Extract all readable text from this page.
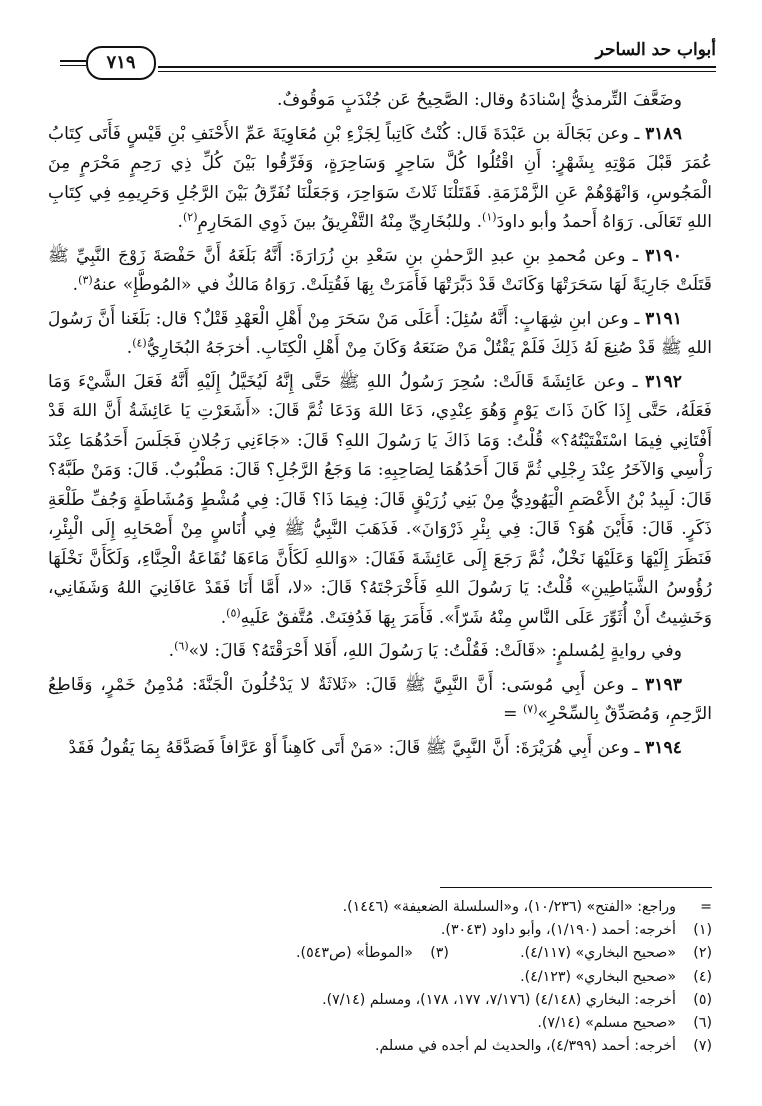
أبواب حد الساحر
٧١٩

وضَعَّفَ التِّرمذيُّ إسْنادَهُ وقال: الصَّحِيحُ عَن جُنْدَبٍ مَوقُوفٌ.

٣١٨٩ ـ وعن بَجَالَة بن عَبْدَةَ قَال: كُنْتُ كَاتِباً لِجَزْءِ بْنِ مُعَاوِيَةَ عَمِّ الأَحْنَفِ بْنِ قَيْسٍ فَأَتَى كِتَابُ عُمَرَ قَبْلَ مَوْتِهِ بِشَهْرٍ: أَنِ اقْتُلُوا كُلَّ سَاحِرٍ وَسَاحِرَةٍ، وَفَرِّقُوا بَيْنَ كُلِّ ذِي رَحِمٍ مَحْرَمٍ مِنَ الْمَجُوسِ، وَانْهَوْهُمْ عَنِ الزَّمْزَمَةِ. فَقَتَلْنَا ثَلاثَ سَوَاحِرَ، وَجَعَلْنَا نُفَرِّقُ بَيْنَ الرَّجُلِ وَحَرِيمِهِ فِي كِتَابِ اللهِ تَعَالَى. رَوَاهُ أَحمدُ وأبو داودَ$^{(١)}$. وللبُخَارِيِّ مِنْهُ التَّفْرِيقُ بينَ ذَوِي المَحَارِمِ$^{(٢)}$.

٣١٩٠ ـ وعن مُحمدِ بنِ عبدِ الرَّحمٰنِ بنِ سَعْدِ بنِ زُرَارَةَ: أَنَّهُ بَلَغَهُ أَنَّ حَفْصَةَ زَوْجَ النَّبِيِّ ﷺ قَتَلَتْ جَارِيَةً لَهَا سَحَرَتْهَا وَكَانَتْ قَدْ دَبَّرَتْهَا فَأَمَرَتْ بِهَا فَقُتِلَتْ. رَوَاهُ مَالكٌ في «المُوطَّإِ» عنهُ$^{(٣)}$.

٣١٩١ ـ وعن ابنِ شِهَابٍ: أَنَّهُ سُئِلَ: أَعَلَى مَنْ سَحَرَ مِنْ أَهْلِ الْعَهْدِ قَتْلٌ؟ قال: بَلَغَنا أَنَّ رَسُولَ اللهِ ﷺ قَدْ صُنِعَ لَهُ ذَلِكَ فَلَمْ يَقْتُلْ مَنْ صَنَعَهُ وَكَانَ مِنْ أَهْلِ الْكِتَابِ. أخرَجَهُ البُخَارِيُّ$^{(٤)}$.

٣١٩٢ ـ وعن عَائِشَةَ قَالَتْ: سُحِرَ رَسُولُ اللهِ ﷺ حَتَّى إِنَّهُ لَيُخَيَّلُ إِلَيْهِ أَنَّهُ فَعَلَ الشَّيْءَ وَمَا فَعَلَهُ، حَتَّى إِذَا كَانَ ذَاتَ يَوْمٍ وَهُوَ عِنْدِي، دَعَا اللهَ وَدَعَا ثُمَّ قَالَ: «أَشَعَرْتِ يَا عَائِشَةُ أَنَّ اللهَ قَدْ أَفْتَانِي فِيمَا اسْتَفْتَيْتُهُ؟» قُلْتُ: وَمَا ذَاكَ يَا رَسُولَ اللهِ؟ قَالَ: «جَاءَنِي رَجُلانِ فَجَلَسَ أَحَدُهُمَا عِنْدَ رَأْسِي وَالآخَرُ عِنْدَ رِجْلِي ثُمَّ قَالَ أَحَدُهُمَا لِصَاحِبِهِ: مَا وَجَعُ الرَّجُلِ؟ قَالَ: مَطْبُوبٌ. قَالَ: وَمَنْ طَبَّهُ؟ قَالَ: لَبِيدُ بْنُ الأَعْصَمِ الْيَهُودِيُّ مِنْ بَنِي زُرَيْقٍ قَالَ: فِيمَا ذَا؟ قَالَ: فِي مُشْطٍ وَمُشَاطَةٍ وَجُفِّ طَلْعَةِ ذَكَرٍ. قَالَ: فَأَيْنَ هُوَ؟ قَالَ: فِي بِئْرِ ذَرْوَانَ». فَذَهَبَ النَّبِيُّ ﷺ فِي أُنَاسٍ مِنْ أَصْحَابِهِ إِلَى الْبِئْرِ، فَنَظَرَ إِلَيْهَا وَعَلَيْهَا نَخْلٌ، ثُمَّ رَجَعَ إِلَى عَائِشَةَ فَقَالَ: «وَاللهِ لَكَأَنَّ مَاءَهَا نُقَاعَةُ الْحِنَّاءِ، وَلَكَأَنَّ نَخْلَهَا رُؤُوسُ الشَّيَاطِينِ» قُلْتُ: يَا رَسُولَ اللهِ فَأَخْرَجْتَهُ؟ قَالَ: «لا، أَمَّا أَنَا فَقَدْ عَافَانِيَ اللهُ وَشَفَانِي، وَخَشِيتُ أَنْ أُثَوِّرَ عَلَى النَّاسِ مِنْهُ شَرّاً». فَأَمَرَ بِهَا فَدُفِنَتْ. مُتَّفقٌ عَلَيهِ$^{(٥)}$.

وفي روايةٍ لِمُسلمٍ: «قَالَتْ: فَقُلْتُ: يَا رَسُولَ اللهِ، أَفَلا أَحْرَقْتَهُ؟ قَالَ: لا»$^{(٦)}$.

٣١٩٣ ـ وعن أَبِي مُوسَى: أَنَّ النَّبِيَّ ﷺ قَالَ: «ثَلاثَةٌ لا يَدْخُلُونَ الْجَنَّةَ: مُدْمِنُ خَمْرٍ، وَقَاطِعُ الرَّحِمِ، وَمُصَدِّقٌ بِالسِّحْرِ»$^{(٧)}$ =

٣١٩٤ ـ وعن أَبِي هُرَيْرَةَ: أَنَّ النَّبِيَّ ﷺ قَالَ: «مَنْ أَتَى كَاهِناً أَوْ عَرَّافاً فَصَدَّقَهُ بِمَا يَقُولُ فَقَدْ

=وراجع: «الفتح» (١٠/٢٣٦)، و«السلسلة الضعيفة» (١٤٤٦).
(١)أخرجه: أحمد (١/١٩٠)، وأبو داود (٣٠٤٣).
(٢)«صحيح البخاري» (٤/١١٧).      (٣)«الموطأ» (ص٥٤٣).
(٤)«صحيح البخاري» (٤/١٢٣).
(٥)أخرجه: البخاري (٤/١٤٨) (٧/١٧٦، ١٧٧، ١٧٨)، ومسلم (٧/١٤).
(٦)«صحيح مسلم» (٧/١٤).
(٧)أخرجه: أحمد (٤/٣٩٩)، والحديث لم أجده في مسلم.
